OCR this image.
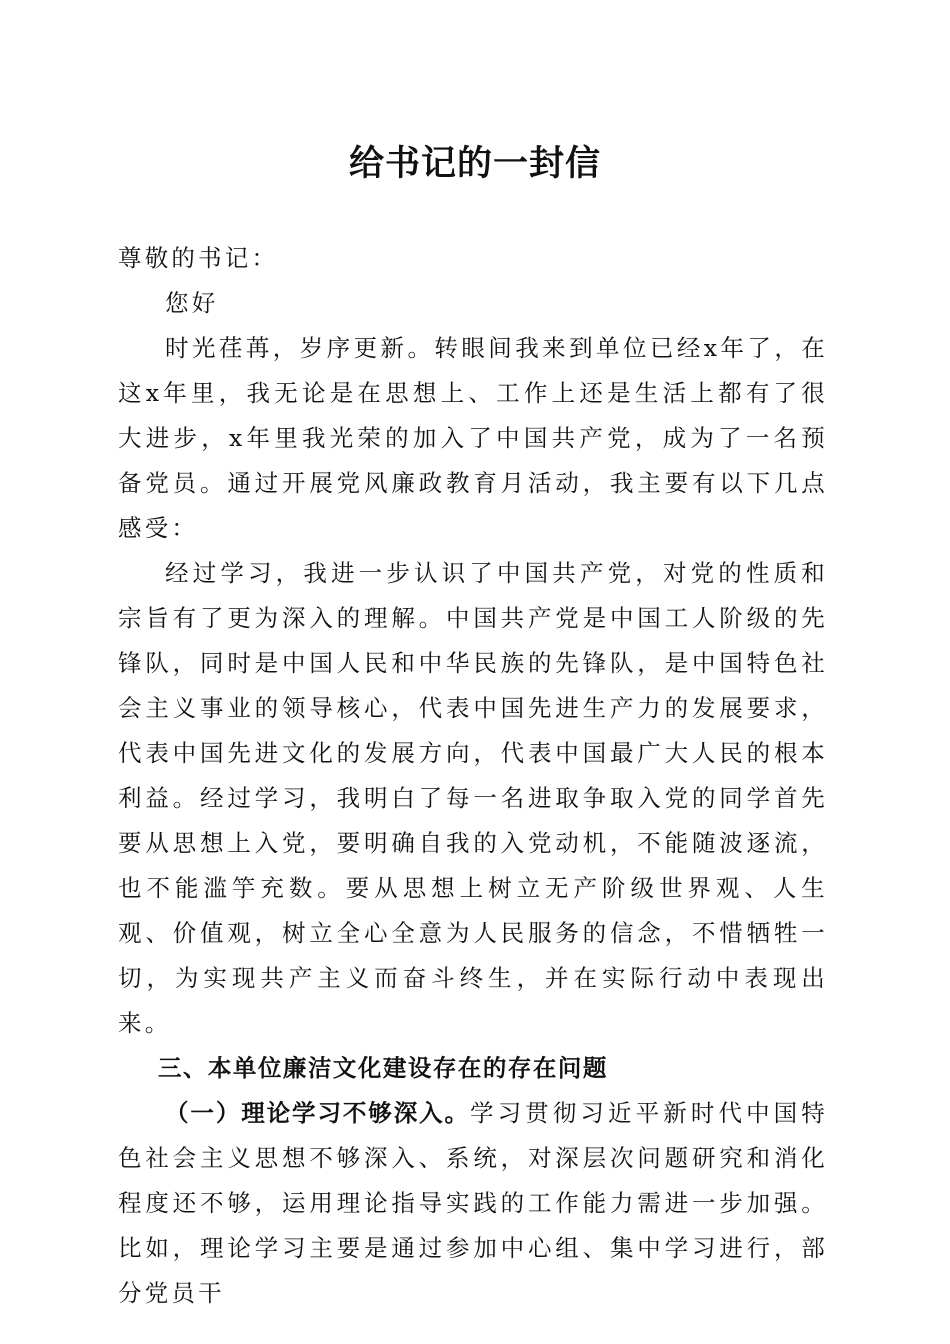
给书记的一封信

尊敬的书记：

您好

时光荏苒，岁序更新。转眼间我来到单位已经x年了，在这x年里，我无论是在思想上、工作上还是生活上都有了很大进步，x年里我光荣的加入了中国共产党，成为了一名预备党员。通过开展党风廉政教育月活动，我主要有以下几点感受：

经过学习，我进一步认识了中国共产党，对党的性质和宗旨有了更为深入的理解。中国共产党是中国工人阶级的先锋队，同时是中国人民和中华民族的先锋队，是中国特色社会主义事业的领导核心，代表中国先进生产力的发展要求，代表中国先进文化的发展方向，代表中国最广大人民的根本利益。经过学习，我明白了每一名进取争取入党的同学首先要从思想上入党，要明确自我的入党动机，不能随波逐流，也不能滥竽充数。要从思想上树立无产阶级世界观、人生观、价值观，树立全心全意为人民服务的信念，不惜牺牲一切，为实现共产主义而奋斗终生，并在实际行动中表现出来。

三、本单位廉洁文化建设存在的存在问题

（一）理论学习不够深入。学习贯彻习近平新时代中国特色社会主义思想不够深入、系统，对深层次问题研究和消化程度还不够，运用理论指导实践的工作能力需进一步加强。比如，理论学习主要是通过参加中心组、集中学习进行，部分党员干
